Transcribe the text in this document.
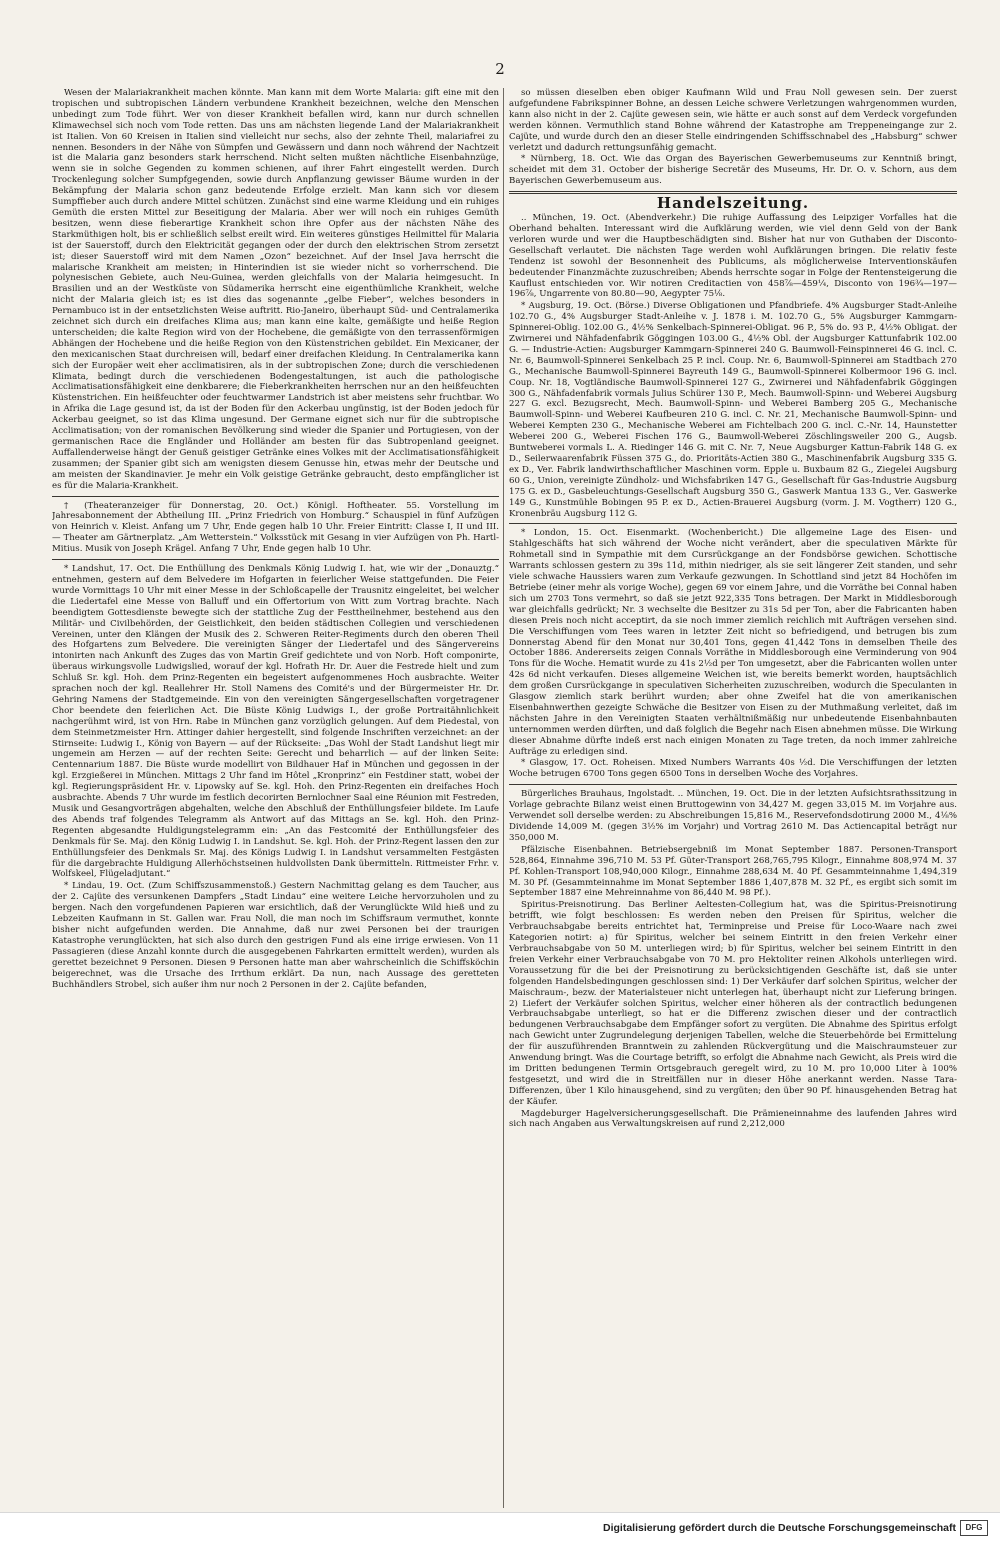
2

Wesen der Malariakrankheit machen könnte. Man kann mit dem Worte Malaria: gift eine mit den tropischen und subtropischen Ländern verbundene Krankheit bezeichnen, welche den Menschen unbedingt zum Tode führt. Wer von dieser Krankheit befallen wird, kann nur durch schnellen Klimawechsel sich noch vom Tode retten. Das uns am nächsten liegende Land der Malariakrankheit ist Italien. Von 60 Kreisen in Italien sind vielleicht nur sechs, also der zehnte Theil, malariafrei zu nennen. Besonders in der Nähe von Sümpfen und Gewässern und dann noch während der Nachtzeit ist die Malaria ganz besonders stark herrschend. Nicht selten mußten nächtliche Eisenbahnzüge, wenn sie in solche Gegenden zu kommen schienen, auf ihrer Fahrt eingestellt werden. Durch Trockenlegung solcher Sumpfgegenden, sowie durch Anpflanzung gewisser Bäume wurden in der Bekämpfung der Malaria schon ganz bedeutende Erfolge erzielt. Man kann sich vor diesem Sumpffieber auch durch andere Mittel schützen. Zunächst sind eine warme Kleidung und ein ruhiges Gemüth die ersten Mittel zur Beseitigung der Malaria. Aber wer will noch ein ruhiges Gemüth besitzen, wenn diese fieberartige Krankheit schon ihre Opfer aus der nächsten Nähe des Starkmüthigen holt, bis er schließlich selbst ereilt wird. Ein weiteres günstiges Heilmittel für Malaria ist der Sauerstoff, durch den Elektricität gegangen oder der durch den elektrischen Strom zersetzt ist; dieser Sauerstoff wird mit dem Namen „Ozon“ bezeichnet. Auf der Insel Java herrscht die malarische Krankheit am meisten; in Hinterindien ist sie wieder nicht so vorherrschend. Die polynesischen Gebiete, auch Neu-Guinea, werden gleichfalls von der Malaria heimgesucht. In Brasilien und an der Westküste von Südamerika herrscht eine eigenthümliche Krankheit, welche nicht der Malaria gleich ist; es ist dies das sogenannte „gelbe Fieber“, welches besonders in Pernambuco ist in der entsetzlichsten Weise auftritt. Rio-Janeiro, überhaupt Süd- und Centralamerika zeichnet sich durch ein dreifaches Klima aus; man kann eine kalte, gemäßigte und heiße Region unterscheiden; die kalte Region wird von der Hochebene, die gemäßigte von den terrassenförmigen Abhängen der Hochebene und die heiße Region von den Küstenstrichen gebildet. Ein Mexicaner, der den mexicanischen Staat durchreisen will, bedarf einer dreifachen Kleidung. In Centralamerika kann sich der Europäer weit eher acclimatisiren, als in der subtropischen Zone; durch die verschiedenen Klimata, bedingt durch die verschiedenen Bodengestaltungen, ist auch die pathologische Acclimatisationsfähigkeit eine denkbarere; die Fieberkrankheiten herrschen nur an den heißfeuchten Küstenstrichen. Ein heißfeuchter oder feuchtwarmer Landstrich ist aber meistens sehr fruchtbar. Wo in Afrika die Lage gesund ist, da ist der Boden für den Ackerbau ungünstig, ist der Boden jedoch für Ackerbau geeignet, so ist das Klima ungesund. Der Germane eignet sich nur für die subtropische Acclimatisation; von der romanischen Bevölkerung sind wieder die Spanier und Portugiesen, von der germanischen Race die Engländer und Holländer am besten für das Subtropenland geeignet. Auffallenderweise hängt der Genuß geistiger Getränke eines Volkes mit der Acclimatisationsfähigkeit zusammen; der Spanier gibt sich am wenigsten diesem Genusse hin, etwas mehr der Deutsche und am meisten der Skandinavier. Je mehr ein Volk geistige Getränke gebraucht, desto empfänglicher ist es für die Malaria-Krankheit.

† (Theateranzeiger für Donnerstag, 20. Oct.) Königl. Hoftheater. 55. Vorstellung im Jahresabonnement der Abtheilung III. „Prinz Friedrich von Homburg.“ Schauspiel in fünf Aufzügen von Heinrich v. Kleist. Anfang um 7 Uhr, Ende gegen halb 10 Uhr. Freier Eintritt: Classe I, II und III. — Theater am Gärtnerplatz. „Am Wetterstein.“ Volksstück mit Gesang in vier Aufzügen von Ph. Hartl-Mitius. Musik von Joseph Krägel. Anfang 7 Uhr, Ende gegen halb 10 Uhr.

* Landshut, 17. Oct. Die Enthüllung des Denkmals König Ludwig I. hat, wie wir der „Donauztg.“ entnehmen, gestern auf dem Belvedere im Hofgarten in feierlicher Weise stattgefunden. Die Feier wurde Vormittags 10 Uhr mit einer Messe in der Schloßcapelle der Trausnitz eingeleitet, bei welcher die Liedertafel eine Messe von Balluff und ein Offertorium von Witt zum Vortrag brachte. Nach beendigtem Gottesdienste bewegte sich der stattliche Zug der Festtheilnehmer, bestehend aus den Militär- und Civilbehörden, der Geistlichkeit, den beiden städtischen Collegien und verschiedenen Vereinen, unter den Klängen der Musik des 2. Schweren Reiter-Regiments durch den oberen Theil des Hofgartens zum Belvedere. Die vereinigten Sänger der Liedertafel und des Sängervereins intonirten nach Ankunft des Zuges das von Martin Greif gedichtete und von Norb. Hoft componirte, überaus wirkungsvolle Ludwigslied, worauf der kgl. Hofrath Hr. Dr. Auer die Festrede hielt und zum Schluß Sr. kgl. Hoh. dem Prinz-Regenten ein begeistert aufgenommenes Hoch ausbrachte. Weiter sprachen noch der kgl. Reallehrer Hr. Stoll Namens des Comité's und der Bürgermeister Hr. Dr. Gehring Namens der Stadtgemeinde. Ein von den vereinigten Sängergesellschaften vorgetragener Chor beendete den feierlichen Act. Die Büste König Ludwigs I., der große Portraitähnlichkeit nachgerühmt wird, ist von Hrn. Rabe in München ganz vorzüglich gelungen. Auf dem Piedestal, von dem Steinmetzmeister Hrn. Attinger dahier hergestellt, sind folgende Inschriften verzeichnet: an der Stirnseite: Ludwig I., König von Bayern — auf der Rückseite: „Das Wohl der Stadt Landshut liegt mir ungemein am Herzen — auf der rechten Seite: Gerecht und beharrlich — auf der linken Seite: Centennarium 1887. Die Büste wurde modellirt von Bildhauer Haf in München und gegossen in der kgl. Erzgießerei in München. Mittags 2 Uhr fand im Hôtel „Kronprinz“ ein Festdiner statt, wobei der kgl. Regierungspräsident Hr. v. Lipowsky auf Se. kgl. Hoh. den Prinz-Regenten ein dreifaches Hoch ausbrachte. Abends 7 Uhr wurde im festlich decorirten Bernlochner Saal eine Réunion mit Festreden, Musik und Gesangvorträgen abgehalten, welche den Abschluß der Enthüllungsfeier bildete. Im Laufe des Abends traf folgendes Telegramm als Antwort auf das Mittags an Se. kgl. Hoh. den Prinz-Regenten abgesandte Huldigungstelegramm ein: „An das Festcomité der Enthüllungsfeier des Denkmals für Se. Maj. den König Ludwig I. in Landshut. Se. kgl. Hoh. der Prinz-Regent lassen den zur Enthüllungsfeier des Denkmals Sr. Maj. des Königs Ludwig I. in Landshut versammelten Festgästen für die dargebrachte Huldigung Allerhöchstseinen huldvollsten Dank übermitteln. Rittmeister Frhr. v. Wolfskeel, Flügeladjutant.“

* Lindau, 19. Oct. (Zum Schiffszusammenstoß.) Gestern Nachmittag gelang es dem Taucher, aus der 2. Cajüte des versunkenen Dampfers „Stadt Lindau“ eine weitere Leiche hervorzuholen und zu bergen. Nach den vorgefundenen Papieren war ersichtlich, daß der Verunglückte Wild hieß und zu Lebzeiten Kaufmann in St. Gallen war. Frau Noll, die man noch im Schiffsraum vermuthet, konnte bisher nicht aufgefunden werden. Die Annahme, daß nur zwei Personen bei der traurigen Katastrophe verunglückten, hat sich also durch den gestrigen Fund als eine irrige erwiesen. Von 11 Passagieren (diese Anzahl konnte durch die ausgegebenen Fahrkarten ermittelt werden), wurden als gerettet bezeichnet 9 Personen. Diesen 9 Personen hatte man aber wahrscheinlich die Schiffsköchin beigerechnet, was die Ursache des Irrthum erklärt. Da nun, nach Aussage des geretteten Buchhändlers Strobel, sich außer ihm nur noch 2 Personen in der 2. Cajüte befanden,

so müssen dieselben eben obiger Kaufmann Wild und Frau Noll gewesen sein. Der zuerst aufgefundene Fabrikspinner Bohne, an dessen Leiche schwere Verletzungen wahrgenommen wurden, kann also nicht in der 2. Cajüte gewesen sein, wie hätte er auch sonst auf dem Verdeck vorgefunden werden können. Vermuthlich stand Bohne während der Katastrophe am Treppeneingange zur 2. Cajüte, und wurde durch den an dieser Stelle eindringenden Schiffsschnabel des „Habsburg“ schwer verletzt und dadurch rettungsunfähig gemacht.

* Nürnberg, 18. Oct. Wie das Organ des Bayerischen Gewerbemuseums zur Kenntniß bringt, scheidet mit dem 31. October der bisherige Secretär des Museums, Hr. Dr. O. v. Schorn, aus dem Bayerischen Gewerbemuseum aus.

Handelszeitung.

.. München, 19. Oct. (Abendverkehr.) Die ruhige Auffassung des Leipziger Vorfalles hat die Oberhand behalten. Interessant wird die Aufklärung werden, wie viel denn Geld von der Bank verloren wurde und wer die Hauptbeschädigten sind. Bisher hat nur von Guthaben der Disconto-Gesellschaft verlautet. Die nächsten Tage werden wohl Aufklärungen bringen. Die relativ feste Tendenz ist sowohl der Besonnenheit des Publicums, als möglicherweise Interventionskäufen bedeutender Finanzmächte zuzuschreiben; Abends herrschte sogar in Folge der Rentensteigerung die Kauflust entschieden vor. Wir notiren Creditactien von 458⅞—459¼, Disconto von 196¾—197—196⅞, Ungarrente von 80.80—90, Aegypter 75⅛.

* Augsburg, 19. Oct. (Börse.) Diverse Obligationen und Pfandbriefe. 4% Augsburger Stadt-Anleihe 102.70 G., 4% Augsburger Stadt-Anleihe v. J. 1878 i. M. 102.70 G., 5% Augsburger Kammgarn-Spinnerei-Oblig. 102.00 G., 4½% Senkelbach-Spinnerei-Obligat. 96 P., 5% do. 93 P., 4½% Obligat. der Zwirnerei und Nähfadenfabrik Göggingen 103.00 G., 4½% Obl. der Augsburger Kattunfabrik 102.00 G. — Industrie-Actien: Augsburger Kammgarn-Spinnerei 240 G. Baumwoll-Feinspinnerei 46 G. incl. C. Nr. 6, Baumwoll-Spinnerei Senkelbach 25 P. incl. Coup. Nr. 6, Baumwoll-Spinnerei am Stadtbach 270 G., Mechanische Baumwoll-Spinnerei Bayreuth 149 G., Baumwoll-Spinnerei Kolbermoor 196 G. incl. Coup. Nr. 18, Vogtländische Baumwoll-Spinnerei 127 G., Zwirnerei und Nähfadenfabrik Göggingen 300 G., Nähfadenfabrik vormals Julius Schürer 130 P., Mech. Baumwoll-Spinn- und Weberei Augsburg 227 G. excl. Bezugsrecht, Mech. Baumwoll-Spinn- und Weberei Bamberg 205 G., Mechanische Baumwoll-Spinn- und Weberei Kaufbeuren 210 G. incl. C. Nr. 21, Mechanische Baumwoll-Spinn- und Weberei Kempten 230 G., Mechanische Weberei am Fichtelbach 200 G. incl. C.-Nr. 14, Haunstetter Weberei 200 G., Weberei Fischen 176 G., Baumwoll-Weberei Zöschlingsweiler 200 G., Augsb. Buntweberei vormals L. A. Riedinger 146 G. mit C. Nr. 7, Neue Augsburger Kattun-Fabrik 148 G. ex D., Seilerwaarenfabrik Füssen 375 G., do. Prioritäts-Actien 380 G., Maschinenfabrik Augsburg 335 G. ex D., Ver. Fabrik landwirthschaftlicher Maschinen vorm. Epple u. Buxbaum 82 G., Ziegelei Augsburg 60 G., Union, vereinigte Zündholz- und Wichsfabriken 147 G., Gesellschaft für Gas-Industrie Augsburg 175 G. ex D., Gasbeleuchtungs-Gesellschaft Augsburg 350 G., Gaswerk Mantua 133 G., Ver. Gaswerke 149 G., Kunstmühle Bobingen 95 P. ex D., Actien-Brauerei Augsburg (vorm. J. M. Vogtherr) 120 G., Kronenbräu Augsburg 112 G.

* London, 15. Oct. Eisenmarkt. (Wochenbericht.) Die allgemeine Lage des Eisen- und Stahlgeschäfts hat sich während der Woche nicht verändert, aber die speculativen Märkte für Rohmetall sind in Sympathie mit dem Cursrückgange an der Fondsbörse gewichen. Schottische Warrants schlossen gestern zu 39s 11d, mithin niedriger, als sie seit längerer Zeit standen, und sehr viele schwache Haussiers waren zum Verkaufe gezwungen. In Schottland sind jetzt 84 Hochöfen im Betriebe (einer mehr als vorige Woche), gegen 69 vor einem Jahre, und die Vorräthe bei Connal haben sich um 2703 Tons vermehrt, so daß sie jetzt 922,335 Tons betragen. Der Markt in Middlesborough war gleichfalls gedrückt; Nr. 3 wechselte die Besitzer zu 31s 5d per Ton, aber die Fabricanten haben diesen Preis noch nicht acceptirt, da sie noch immer ziemlich reichlich mit Aufträgen versehen sind. Die Verschiffungen vom Tees waren in letzter Zeit nicht so befriedigend, und betrugen bis zum Donnerstag Abend für den Monat nur 30,401 Tons, gegen 41,442 Tons in demselben Theile des October 1886. Andererseits zeigen Connals Vorräthe in Middlesborough eine Verminderung von 904 Tons für die Woche. Hematit wurde zu 41s 2½d per Ton umgesetzt, aber die Fabricanten wollen unter 42s 6d nicht verkaufen. Dieses allgemeine Weichen ist, wie bereits bemerkt worden, hauptsächlich dem großen Cursrückgange in speculativen Sicherheiten zuzuschreiben, wodurch die Speculanten in Glasgow ziemlich stark berührt wurden; aber ohne Zweifel hat die von amerikanischen Eisenbahnwerthen gezeigte Schwäche die Besitzer von Eisen zu der Muthmaßung verleitet, daß im nächsten Jahre in den Vereinigten Staaten verhältnißmäßig nur unbedeutende Eisenbahnbauten unternommen werden dürften, und daß folglich die Begehr nach Eisen abnehmen müsse. Die Wirkung dieser Abnahme dürfte indeß erst nach einigen Monaten zu Tage treten, da noch immer zahlreiche Aufträge zu erledigen sind.

* Glasgow, 17. Oct. Roheisen. Mixed Numbers Warrants 40s ½d. Die Verschiffungen der letzten Woche betrugen 6700 Tons gegen 6500 Tons in derselben Woche des Vorjahres.

Bürgerliches Brauhaus, Ingolstadt. .. München, 19. Oct. Die in der letzten Aufsichtsrathssitzung in Vorlage gebrachte Bilanz weist einen Bruttogewinn von 34,427 M. gegen 33,015 M. im Vorjahre aus. Verwendet soll derselbe werden: zu Abschreibungen 15,816 M., Reservefondsdotirung 2000 M., 4⅛% Dividende 14,009 M. (gegen 3½% im Vorjahr) und Vortrag 2610 M. Das Actiencapital beträgt nur 350,000 M.

Pfälzische Eisenbahnen. Betriebsergebniß im Monat September 1887. Personen-Transport 528,864, Einnahme 396,710 M. 53 Pf. Güter-Transport 268,765,795 Kilogr., Einnahme 808,974 M. 37 Pf. Kohlen-Transport 108,940,000 Kilogr., Einnahme 288,634 M. 40 Pf. Gesammteinnahme 1,494,319 M. 30 Pf. (Gesammteinnahme im Monat September 1886 1,407,878 M. 32 Pf., es ergibt sich somit im September 1887 eine Mehreinnahme von 86,440 M. 98 Pf.).

Spiritus-Preisnotirung. Das Berliner Aeltesten-Collegium hat, was die Spiritus-Preisnotirung betrifft, wie folgt beschlossen: Es werden neben den Preisen für Spiritus, welcher die Verbrauchsabgabe bereits entrichtet hat, Terminpreise und Preise für Loco-Waare nach zwei Kategorien notirt: a) für Spiritus, welcher bei seinem Eintritt in den freien Verkehr einer Verbrauchsabgabe von 50 M. unterliegen wird; b) für Spiritus, welcher bei seinem Eintritt in den freien Verkehr einer Verbrauchsabgabe von 70 M. pro Hektoliter reinen Alkohols unterliegen wird. Voraussetzung für die bei der Preisnotirung zu berücksichtigenden Geschäfte ist, daß sie unter folgenden Handelsbedingungen geschlossen sind: 1) Der Verkäufer darf solchen Spiritus, welcher der Maischraum-, bezw. der Materialsteuer nicht unterlegen hat, überhaupt nicht zur Lieferung bringen. 2) Liefert der Verkäufer solchen Spiritus, welcher einer höheren als der contractlich bedungenen Verbrauchsabgabe unterliegt, so hat er die Differenz zwischen dieser und der contractlich bedungenen Verbrauchsabgabe dem Empfänger sofort zu vergüten. Die Abnahme des Spiritus erfolgt nach Gewicht unter Zugrundelegung derjenigen Tabellen, welche die Steuerbehörde bei Ermittelung der für auszuführenden Branntwein zu zahlenden Rückvergütung und die Maischraumsteuer zur Anwendung bringt. Was die Courtage betrifft, so erfolgt die Abnahme nach Gewicht, als Preis wird die im Dritten bedungenen Termin Ortsgebrauch geregelt wird, zu 10 M. pro 10,000 Liter à 100% festgesetzt, und wird die in Streitfällen nur in dieser Höhe anerkannt werden. Nasse Tara-Differenzen, über 1 Kilo hinausgehend, sind zu vergüten; den über 90 Pf. hinausgehenden Betrag hat der Käufer.

Magdeburger Hagelversicherungsgesellschaft. Die Prämieneinnahme des laufenden Jahres wird sich nach Angaben aus Verwaltungskreisen auf rund 2,212,000

Digitalisierung gefördert durch die Deutsche Forschungsgemeinschaft	DFG
